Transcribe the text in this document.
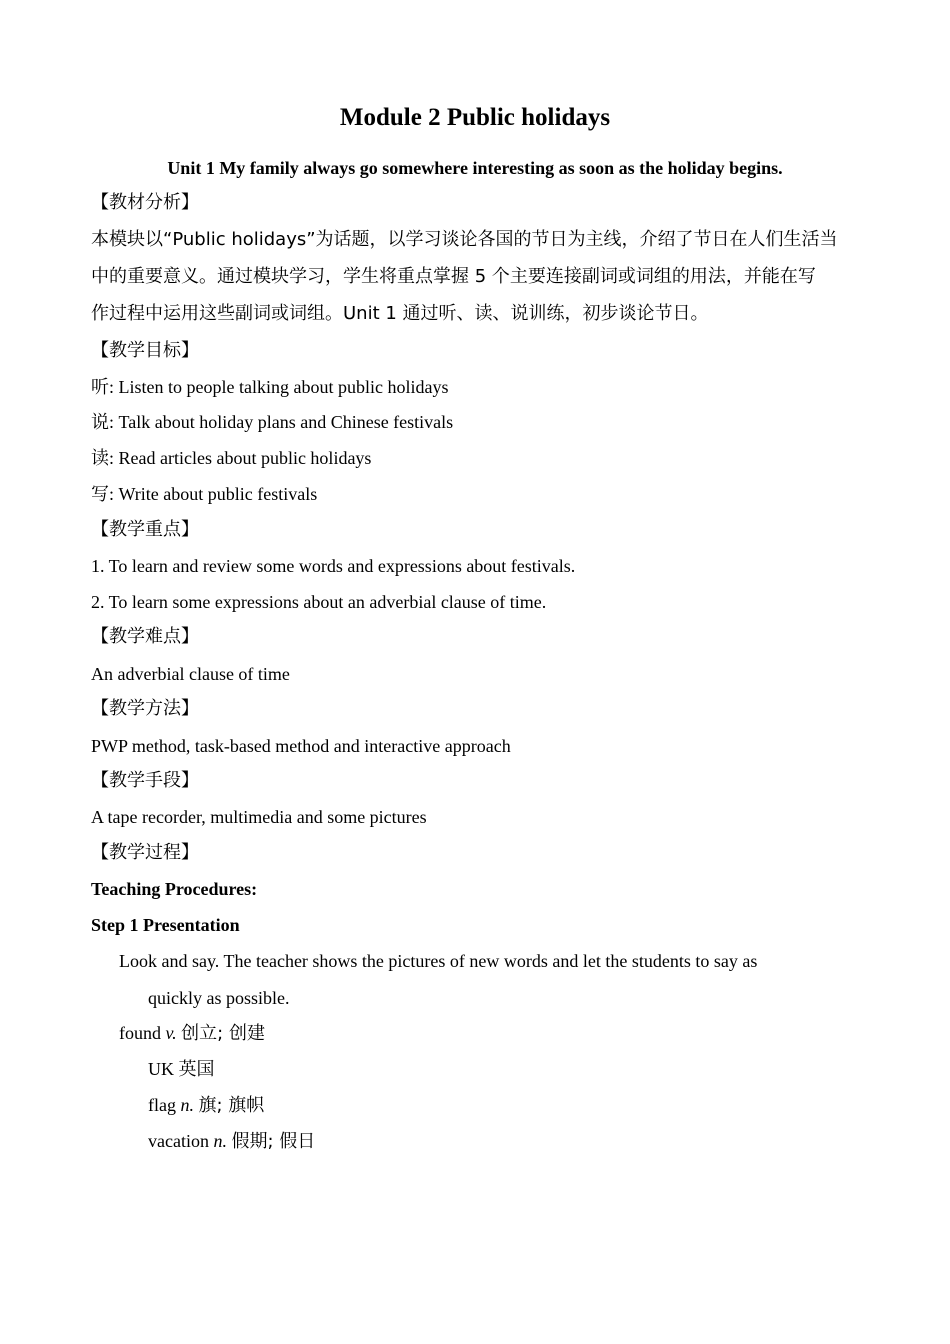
Module 2 Public holidays
Unit 1 My family always go somewhere interesting as soon as the holiday begins.
【教材分析】
本模块以“Public holidays”为话题，以学习谈论各国的节日为主线，介绍了节日在人们生活当
中的重要意义。通过模块学习，学生将重点掌握 5 个主要连接副词或词组的用法，并能在写
作过程中运用这些副词或词组。Unit 1 通过听、读、说训练，初步谈论节日。
【教学目标】
听: Listen to people talking about public holidays
说: Talk about holiday plans and Chinese festivals
读: Read articles about public holidays
写: Write about public festivals
【教学重点】
1. To learn and review some words and expressions about festivals.
2. To learn some expressions about an adverbial clause of time.
【教学难点】
An adverbial clause of time
【教学方法】
PWP method, task-based method and interactive approach
【教学手段】
A tape recorder, multimedia and some pictures
【教学过程】
Teaching Procedures:
Step 1 Presentation
Look and say. The teacher shows the pictures of new words and let the students to say as
quickly as possible.
found v. 创立; 创建
UK 英国
flag n. 旗; 旗帜
vacation n. 假期; 假日
